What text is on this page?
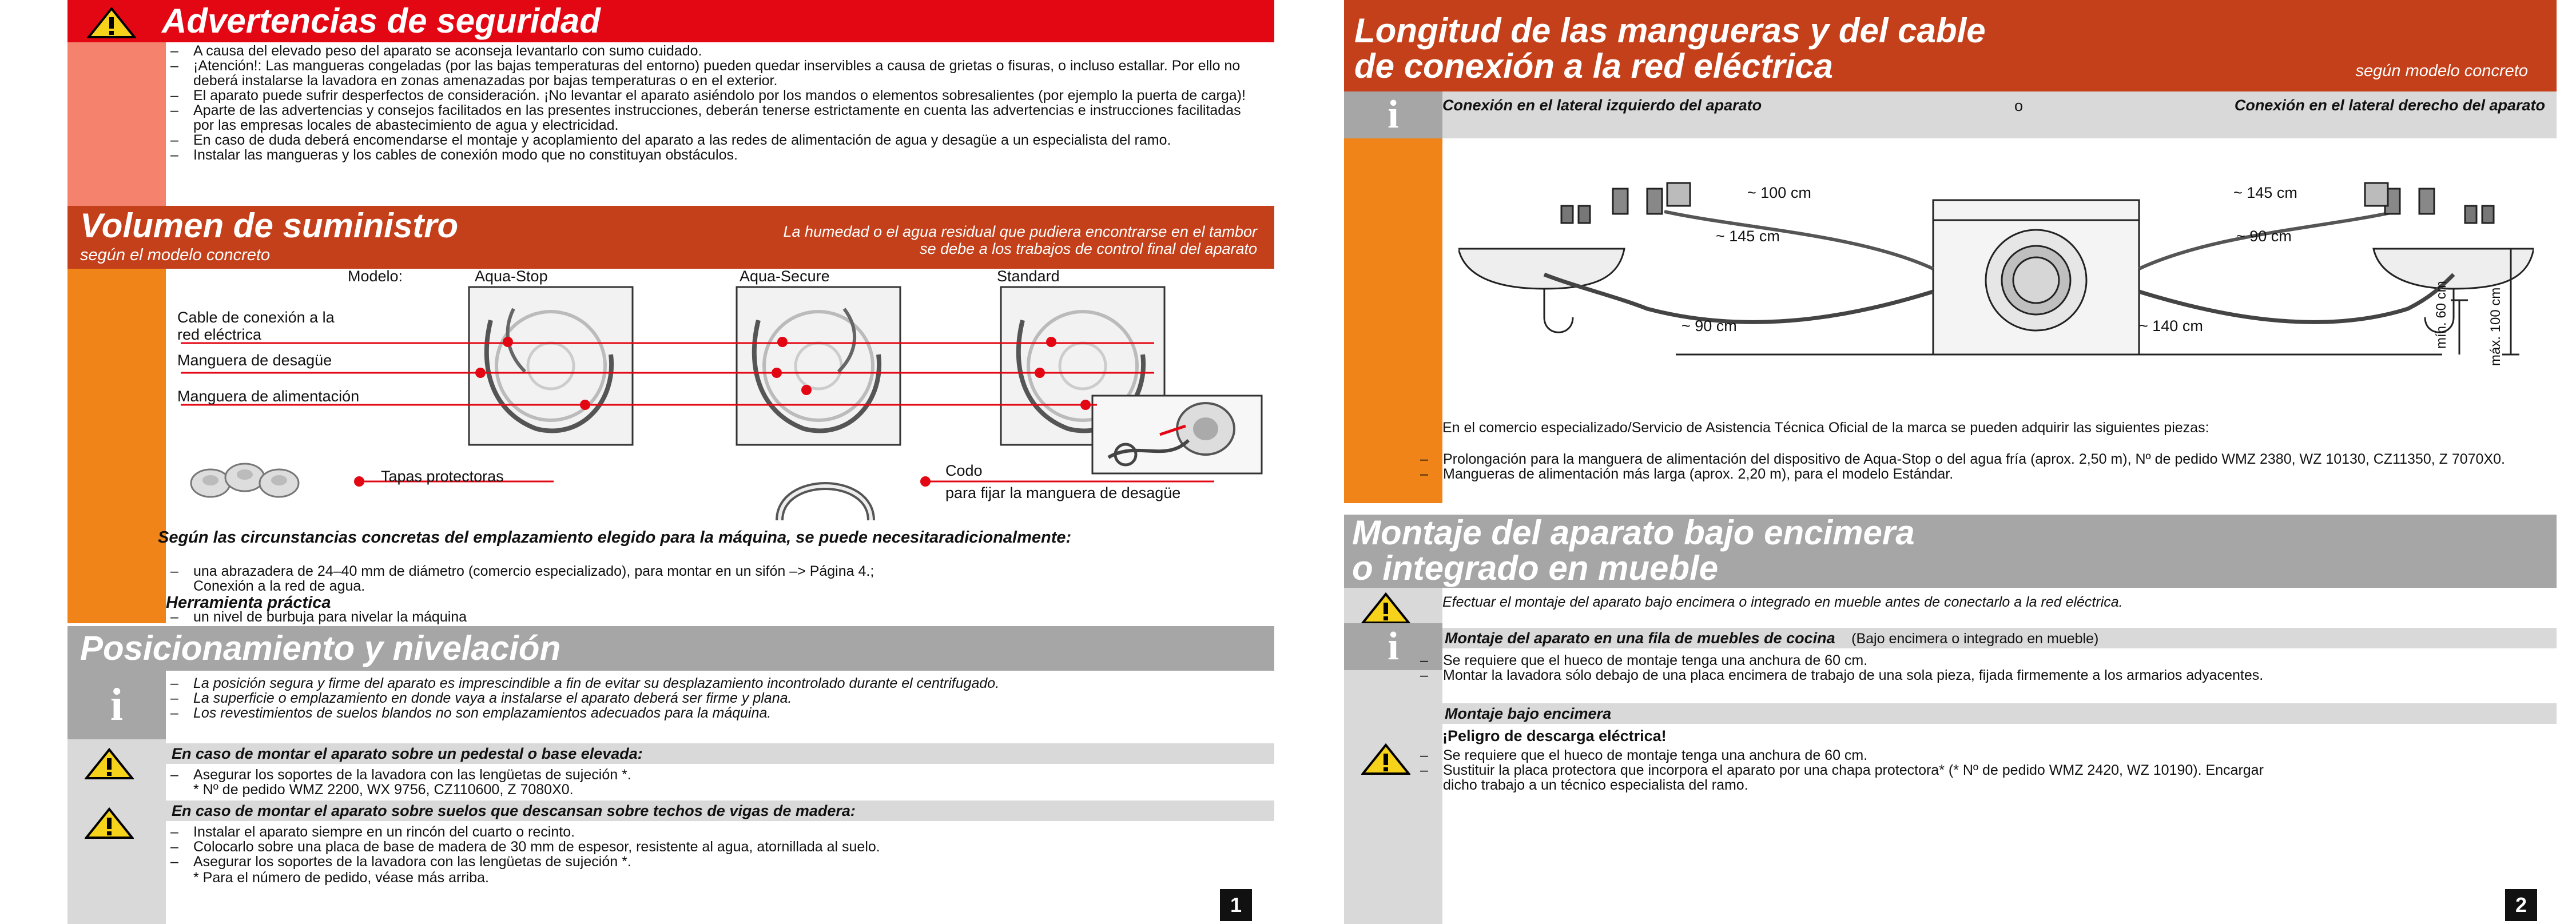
Advertencias de seguridad
– A causa del elevado peso del aparato se aconseja levantarlo con sumo cuidado.
– ¡Atención!: Las mangueras congeladas (por las bajas temperaturas del entorno) pueden quedar inservibles a causa de grietas o fisuras, o incluso estallar. Por ello no deberá instalarse la lavadora en zonas amenazadas por bajas temperaturas o en el exterior.
– El aparato puede sufrir desperfectos de consideración. ¡No levantar el aparato asiéndolo por los mandos o elementos sobresalientes (por ejemplo la puerta de carga)!
– Aparte de las advertencias y consejos facilitados en las presentes instrucciones, deberán tenerse estrictamente en cuenta las advertencias e instrucciones facilitadas por las empresas locales de abastecimiento de agua y electricidad.
– En caso de duda deberá encomendarse el montaje y acoplamiento del aparato a las redes de alimentación de agua y desagüe a un especialista del ramo.
– Instalar las mangueras y los cables de conexión modo que no constituyan obstáculos.
Volumen de suministro
según el modelo concreto
La humedad o el agua residual que pudiera encontrarse en el tambor se debe a los trabajos de control final del aparato
Modelo:	Aqua-Stop	Aqua-Secure	Standard
Cable de conexión a la red eléctrica
Manguera de desagüe
Manguera de alimentación
Tapas protectoras	Codo
para fijar la manguera de desagüe
Según las circunstancias concretas del emplazamiento elegido para la máquina, se puede necesitaradicionalmente:
– una abrazadera de 24–40 mm de diámetro (comercio especializado), para montar en un sifón –> Página 4.;
Conexión a la red de agua.
Herramienta práctica
– un nivel de burbuja para nivelar la máquina
Posicionamiento y nivelación
i
–	La posición segura y firme del aparato es imprescindible a fin de evitar su desplazamiento incontrolado durante el centrifugado.
– La superficie o emplazamiento en donde vaya a instalarse el aparato deberá ser firme y plana.
– Los revestimientos de suelos blandos no son emplazamientos adecuados para la máquina.
En caso de montar el aparato sobre un pedestal o base elevada:
– Asegurar los soportes de la lavadora con las lengüetas de sujeción *.
* Nº de pedido WMZ 2200, WX 9756, CZ110600, Z 7080X0.
En caso de montar el aparato sobre suelos que descansan sobre techos de vigas de madera:
– Instalar el aparato siempre en un rincón del cuarto o recinto.
– Colocarlo sobre una placa de base de madera de 30 mm de espesor, resistente al agua, atornillada al suelo.
– Asegurar los soportes de la lavadora con las lengüetas de sujeción *.
* Para el número de pedido, véase más arriba.
1
Longitud de las mangueras y del cable
de conexión a la red eléctrica	según modelo concreto
i	Conexión en el lateral izquierdo del aparato	o	Conexión en el lateral derecho del aparato
~ 100 cm
~ 145 cm
~ 90 cm
~ 145 cm
~ 90 cm
~ 140 cm	mín. 60 cm	máx. 100 cm
En el comercio especializado/Servicio de Asistencia Técnica Oficial de la marca se pueden adquirir las siguientes piezas:
– Prolongación para la manguera de alimentación del dispositivo de Aqua-Stop o del agua fría (aprox. 2,50 m), Nº de pedido WMZ 2380, WZ 10130, CZ11350, Z 7070X0.
– Mangueras de alimentación más larga (aprox. 2,20 m), para el modelo Estándar.
Montaje del aparato bajo encimera
o integrado en mueble
Efectuar el montaje del aparato bajo encimera o integrado en mueble antes de conectarlo a la red eléctrica.
i	Montaje del aparato en una fila de muebles de cocina (Bajo encimera o integrado en mueble)
– Se requiere que el hueco de montaje tenga una anchura de 60 cm.
– Montar la lavadora sólo debajo de una placa encimera de trabajo de una sola pieza, fijada firmemente a los armarios adyacentes.
Montaje bajo encimera
¡Peligro de descarga eléctrica!
– Se requiere que el hueco de montaje tenga una anchura de 60 cm.
– Sustituir la placa protectora que incorpora el aparato por una chapa protectora* (* Nº de pedido WMZ 2420, WZ 10190). Encargar dicho trabajo a un técnico especialista del ramo.
2
